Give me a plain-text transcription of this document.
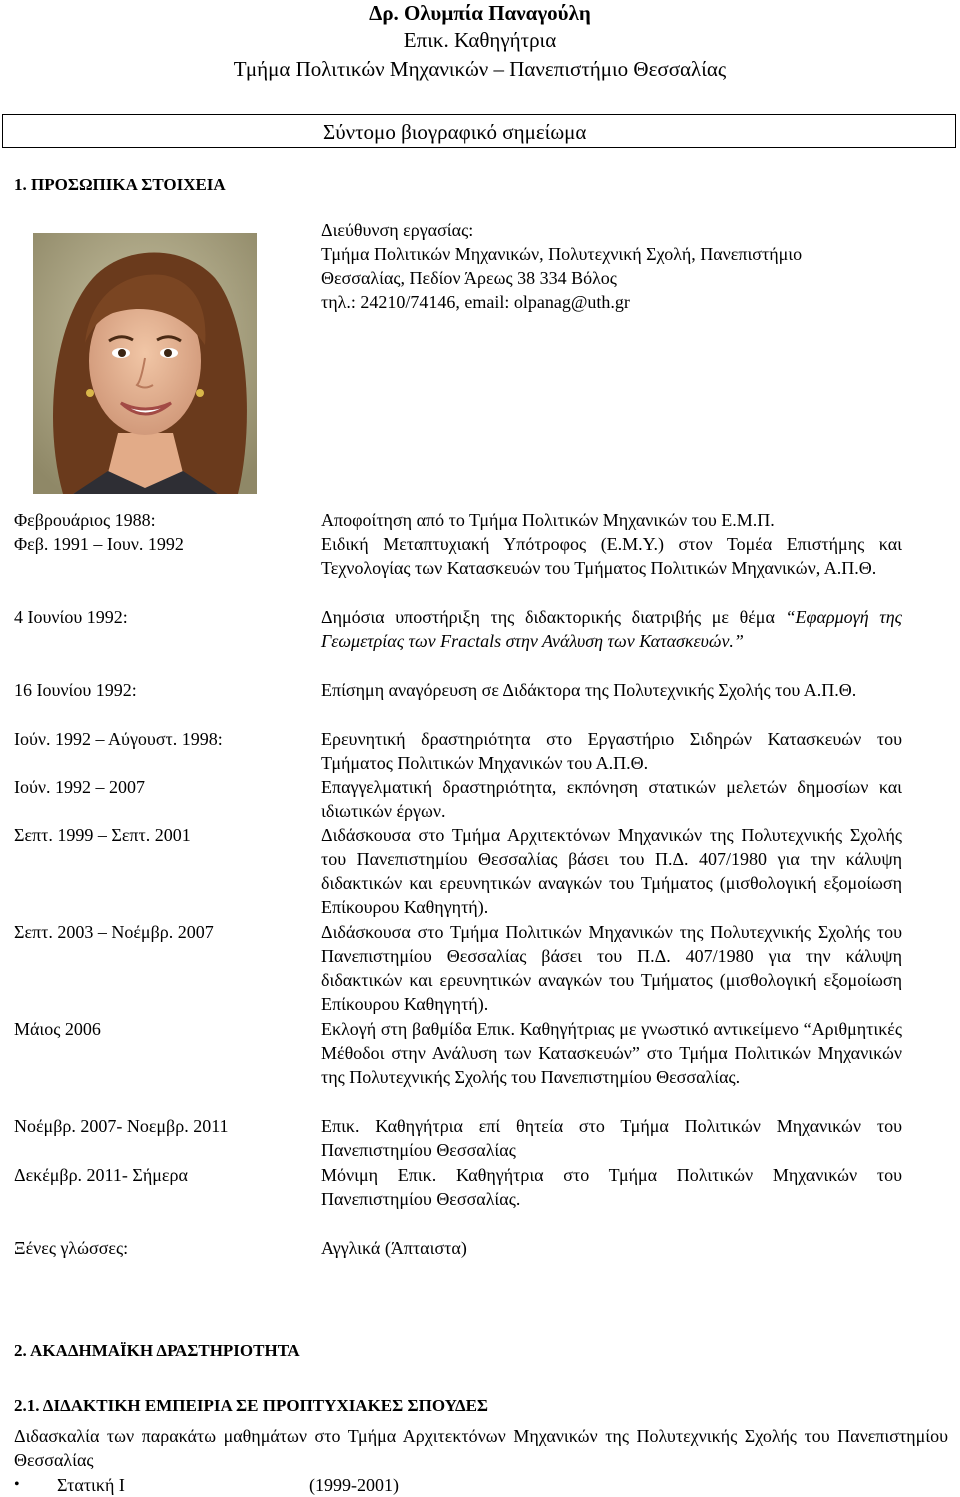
Δρ. Ολυμπία Παναγούλη
Επικ. Καθηγήτρια
Τμήμα Πολιτικών Μηχανικών – Πανεπιστήμιο Θεσσαλίας
Σύντομο βιογραφικό σημείωμα
1. ΠΡΟΣΩΠΙΚΑ ΣΤΟΙΧΕΙΑ
Διεύθυνση εργασίας:
Τμήμα Πολιτικών Μηχανικών, Πολυτεχνική Σχολή, Πανεπιστήμιο
Θεσσαλίας, Πεδίον Άρεως 38 334 Βόλος
τηλ.: 24210/74146, email: olpanag@uth.gr
Φεβρουάριος 1988:	Αποφοίτηση από το Τμήμα Πολιτικών Μηχανικών του Ε.Μ.Π.
Φεβ. 1991 – Ιουν. 1992	Ειδική Μεταπτυχιακή Υπότροφος (Ε.Μ.Υ.) στον Τομέα Επιστήμης και Τεχνολογίας των Κατασκευών του Τμήματος Πολιτικών Μηχανικών, Α.Π.Θ.
4 Ιουνίου 1992:	Δημόσια υποστήριξη της διδακτορικής διατριβής με θέμα “Εφαρμογή της Γεωμετρίας των Fractals στην Ανάλυση των Κατασκευών.”
16 Ιουνίου 1992:	Επίσημη αναγόρευση σε Διδάκτορα της Πολυτεχνικής Σχολής του Α.Π.Θ.
Ιούν. 1992 – Αύγουστ. 1998:	Ερευνητική δραστηριότητα στο Εργαστήριο Σιδηρών Κατασκευών του Τμήματος Πολιτικών Μηχανικών του Α.Π.Θ.
Ιούν. 1992 – 2007	Επαγγελματική δραστηριότητα, εκπόνηση στατικών μελετών δημοσίων και ιδιωτικών έργων.
Σεπτ. 1999 – Σεπτ. 2001	Διδάσκουσα στο Τμήμα Αρχιτεκτόνων Μηχανικών της Πολυτεχνικής Σχολής του Πανεπιστημίου Θεσσαλίας βάσει του Π.Δ. 407/1980 για την κάλυψη διδακτικών και ερευνητικών αναγκών του Τμήματος (μισθολογική εξομοίωση Επίκουρου Καθηγητή).
Σεπτ. 2003 – Νοέμβρ. 2007	Διδάσκουσα στο Τμήμα Πολιτικών Μηχανικών της Πολυτεχνικής Σχολής του Πανεπιστημίου Θεσσαλίας βάσει του Π.Δ. 407/1980 για την κάλυψη διδακτικών και ερευνητικών αναγκών του Τμήματος (μισθολογική εξομοίωση Επίκουρου Καθηγητή).
Μάιος 2006	Εκλογή στη βαθμίδα Επικ. Καθηγήτριας με γνωστικό αντικείμενο “Αριθμητικές Μέθοδοι στην Ανάλυση των Κατασκευών” στο Τμήμα Πολιτικών Μηχανικών της Πολυτεχνικής Σχολής του Πανεπιστημίου Θεσσαλίας.
Νοέμβρ. 2007- Νοεμβρ. 2011	Επικ. Καθηγήτρια επί θητεία στο Τμήμα Πολιτικών Μηχανικών του Πανεπιστημίου Θεσσαλίας
Δεκέμβρ. 2011- Σήμερα	Μόνιμη Επικ. Καθηγήτρια στο Τμήμα Πολιτικών Μηχανικών του Πανεπιστημίου Θεσσαλίας.
Ξένες γλώσσες:	Αγγλικά (Άπταιστα)
2. ΑΚΑΔΗΜΑΪΚΗ ΔΡΑΣΤΗΡΙΟΤΗΤΑ
2.1. ΔΙΔΑΚΤΙΚΗ ΕΜΠΕΙΡΙΑ ΣΕ ΠΡΟΠΤΥΧΙΑΚΕΣ ΣΠΟΥΔΕΣ
Διδασκαλία των παρακάτω μαθημάτων στο Τμήμα Αρχιτεκτόνων Μηχανικών της Πολυτεχνικής Σχολής του Πανεπιστημίου Θεσσαλίας
•	Στατική Ι	(1999-2001)
